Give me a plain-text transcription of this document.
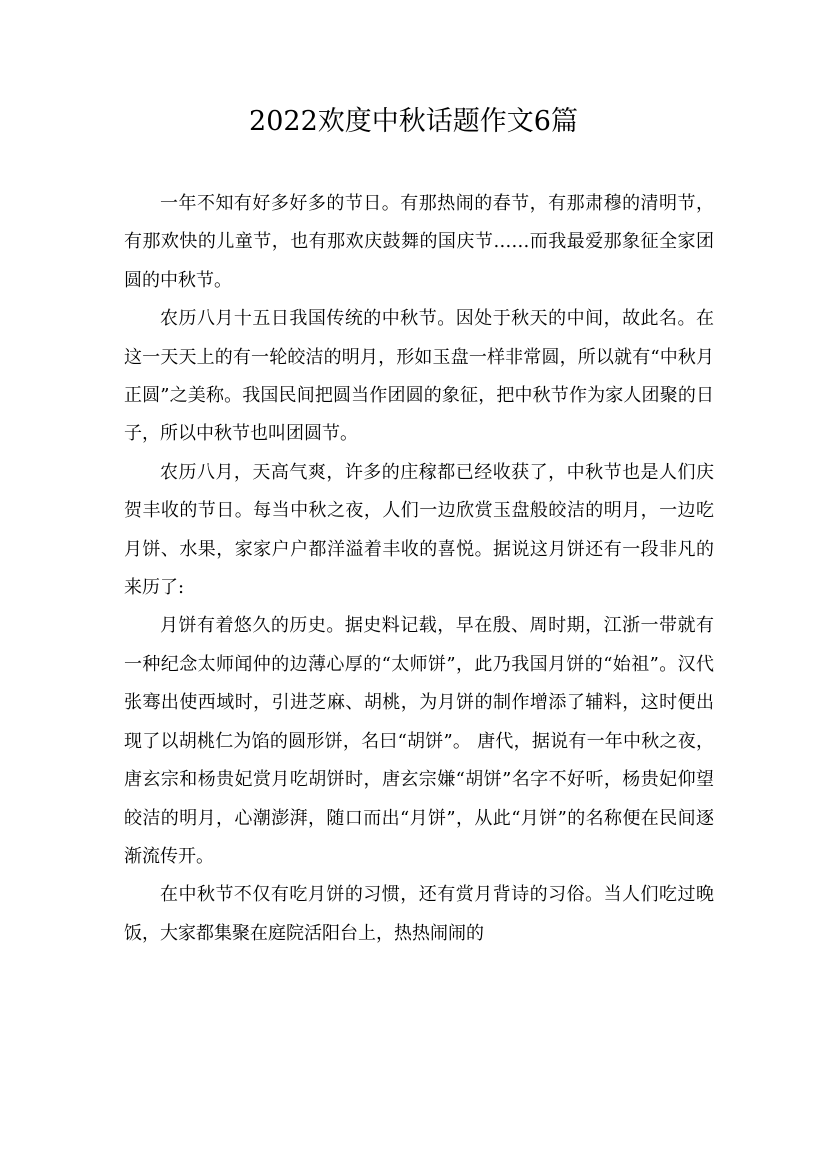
2022欢度中秋话题作文6篇

一年不知有好多好多的节日。有那热闹的春节，有那肃穆的清明节，有那欢快的儿童节，也有那欢庆鼓舞的国庆节……而我最爱那象征全家团圆的中秋节。

农历八月十五日我国传统的中秋节。因处于秋天的中间，故此名。在这一天天上的有一轮皎洁的明月，形如玉盘一样非常圆，所以就有“中秋月正圆”之美称。我国民间把圆当作团圆的象征，把中秋节作为家人团聚的日子，所以中秋节也叫团圆节。

农历八月，天高气爽，许多的庄稼都已经收获了，中秋节也是人们庆贺丰收的节日。每当中秋之夜，人们一边欣赏玉盘般皎洁的明月，一边吃月饼、水果，家家户户都洋溢着丰收的喜悦。据说这月饼还有一段非凡的来历了:

月饼有着悠久的历史。据史料记载，早在殷、周时期，江浙一带就有一种纪念太师闻仲的边薄心厚的“太师饼”，此乃我国月饼的“始祖”。汉代张骞出使西域时，引进芝麻、胡桃，为月饼的制作增添了辅料，这时便出现了以胡桃仁为馅的圆形饼，名曰“胡饼”。 唐代，据说有一年中秋之夜，唐玄宗和杨贵妃赏月吃胡饼时，唐玄宗嫌“胡饼”名字不好听，杨贵妃仰望皎洁的明月，心潮澎湃，随口而出“月饼”，从此“月饼”的名称便在民间逐渐流传开。

在中秋节不仅有吃月饼的习惯，还有赏月背诗的习俗。当人们吃过晚饭，大家都集聚在庭院活阳台上，热热闹闹的
